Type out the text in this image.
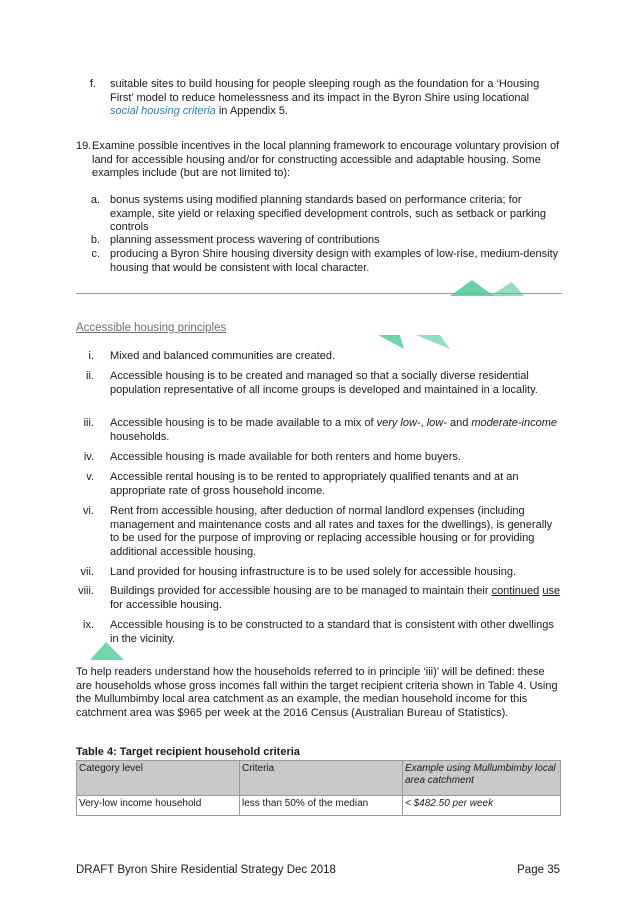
f. suitable sites to build housing for people sleeping rough as the foundation for a ‘Housing First’ model to reduce homelessness and its impact in the Byron Shire using locational social housing criteria in Appendix 5.
19. Examine possible incentives in the local planning framework to encourage voluntary provision of land for accessible housing and/or for constructing accessible and adaptable housing. Some examples include (but are not limited to):
a. bonus systems using modified planning standards based on performance criteria; for example, site yield or relaxing specified development controls, such as setback or parking controls
b. planning assessment process wavering of contributions
c. producing a Byron Shire housing diversity design with examples of low-rise, medium-density housing that would be consistent with local character.
Accessible housing principles
i. Mixed and balanced communities are created.
ii. Accessible housing is to be created and managed so that a socially diverse residential population representative of all income groups is developed and maintained in a locality.
iii. Accessible housing is to be made available to a mix of very low-, low- and moderate-income households.
iv. Accessible housing is made available for both renters and home buyers.
v. Accessible rental housing is to be rented to appropriately qualified tenants and at an appropriate rate of gross household income.
vi. Rent from accessible housing, after deduction of normal landlord expenses (including management and maintenance costs and all rates and taxes for the dwellings), is generally to be used for the purpose of improving or replacing accessible housing or for providing additional accessible housing.
vii. Land provided for housing infrastructure is to be used solely for accessible housing.
viii. Buildings provided for accessible housing are to be managed to maintain their continued use for accessible housing.
ix. Accessible housing is to be constructed to a standard that is consistent with other dwellings in the vicinity.
To help readers understand how the households referred to in principle ‘iii)’ will be defined: these are households whose gross incomes fall within the target recipient criteria shown in Table 4. Using the Mullumbimby local area catchment as an example, the median household income for this catchment area was $965 per week at the 2016 Census (Australian Bureau of Statistics).
Table 4: Target recipient household criteria
Category level	Criteria	Example using Mullumbimby local area catchment
Very-low income household	less than 50% of the median	< $482.50 per week
DRAFT Byron Shire Residential Strategy Dec 2018	Page 35
